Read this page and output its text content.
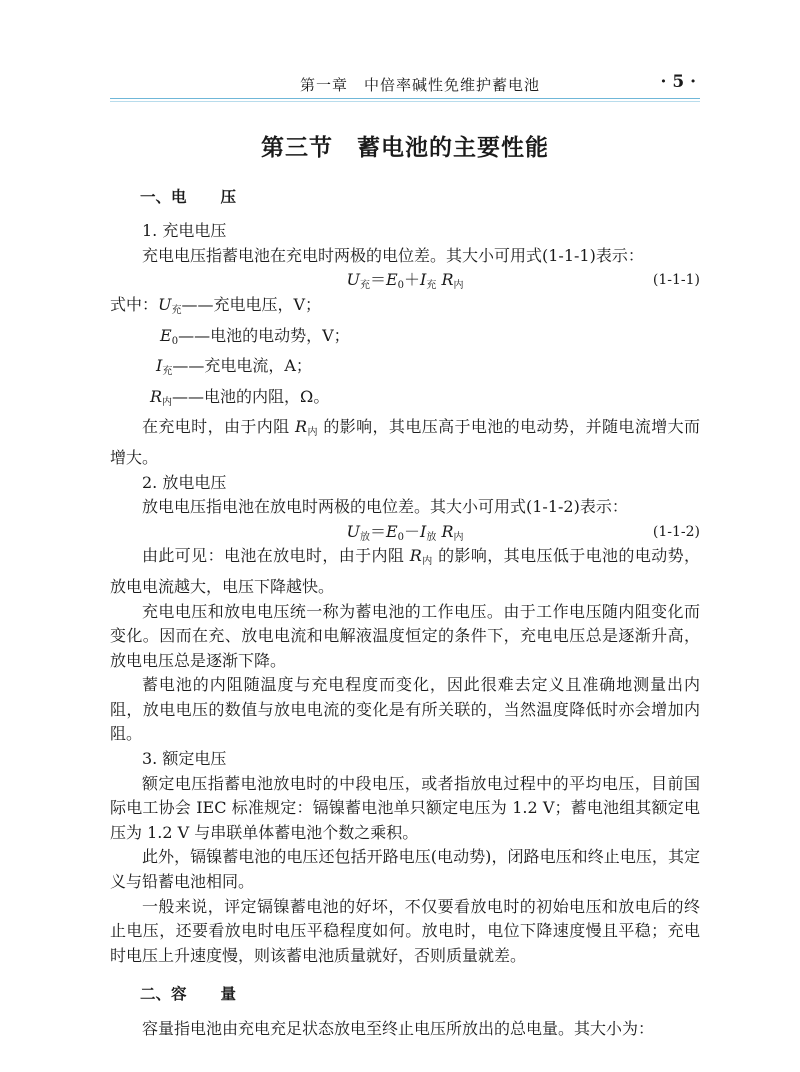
第一章　中倍率碱性免维护蓄电池	· 5 ·
第三节　蓄电池的主要性能
一、电 压

1. 充电电压

充电电压指蓄电池在充电时两极的电位差。其大小可用式(1-1-1)表示：

$U_充=E_0+I_充$ $R_内$	(1-1-1)

式中：$U_充——$充电电压，V；

$E_0——$电池的电动势，V；

$I_充——$充电电流，A；

$R_内——$电池的内阻，Ω。

在充电时，由于内阻 $R_内$ 的影响，其电压高于电池的电动势，并随电流增大而增大。

2. 放电电压

放电电压指电池在放电时两极的电位差。其大小可用式(1-1-2)表示：

$U_放=E_0-I_放$ $R_内$	(1-1-2)

由此可见：电池在放电时，由于内阻 $R_内$ 的影响，其电压低于电池的电动势，放电电流越大，电压下降越快。

充电电压和放电电压统一称为蓄电池的工作电压。由于工作电压随内阻变化而变化。因而在充、放电电流和电解液温度恒定的条件下，充电电压总是逐渐升高，放电电压总是逐渐下降。

蓄电池的内阻随温度与充电程度而变化，因此很难去定义且准确地测量出内阻，放电电压的数值与放电电流的变化是有所关联的，当然温度降低时亦会增加内阻。

3. 额定电压

额定电压指蓄电池放电时的中段电压，或者指放电过程中的平均电压，目前国际电工协会 IEC 标准规定：镉镍蓄电池单只额定电压为 1.2 V；蓄电池组其额定电压为 1.2 V 与串联单体蓄电池个数之乘积。

此外，镉镍蓄电池的电压还包括开路电压(电动势)，闭路电压和终止电压，其定义与铅蓄电池相同。

一般来说，评定镉镍蓄电池的好坏，不仅要看放电时的初始电压和放电后的终止电压，还要看放电时电压平稳程度如何。放电时，电位下降速度慢且平稳；充电时电压上升速度慢，则该蓄电池质量就好，否则质量就差。

二、容 量

容量指电池由充电充足状态放电至终止电压所放出的总电量。其大小为：
